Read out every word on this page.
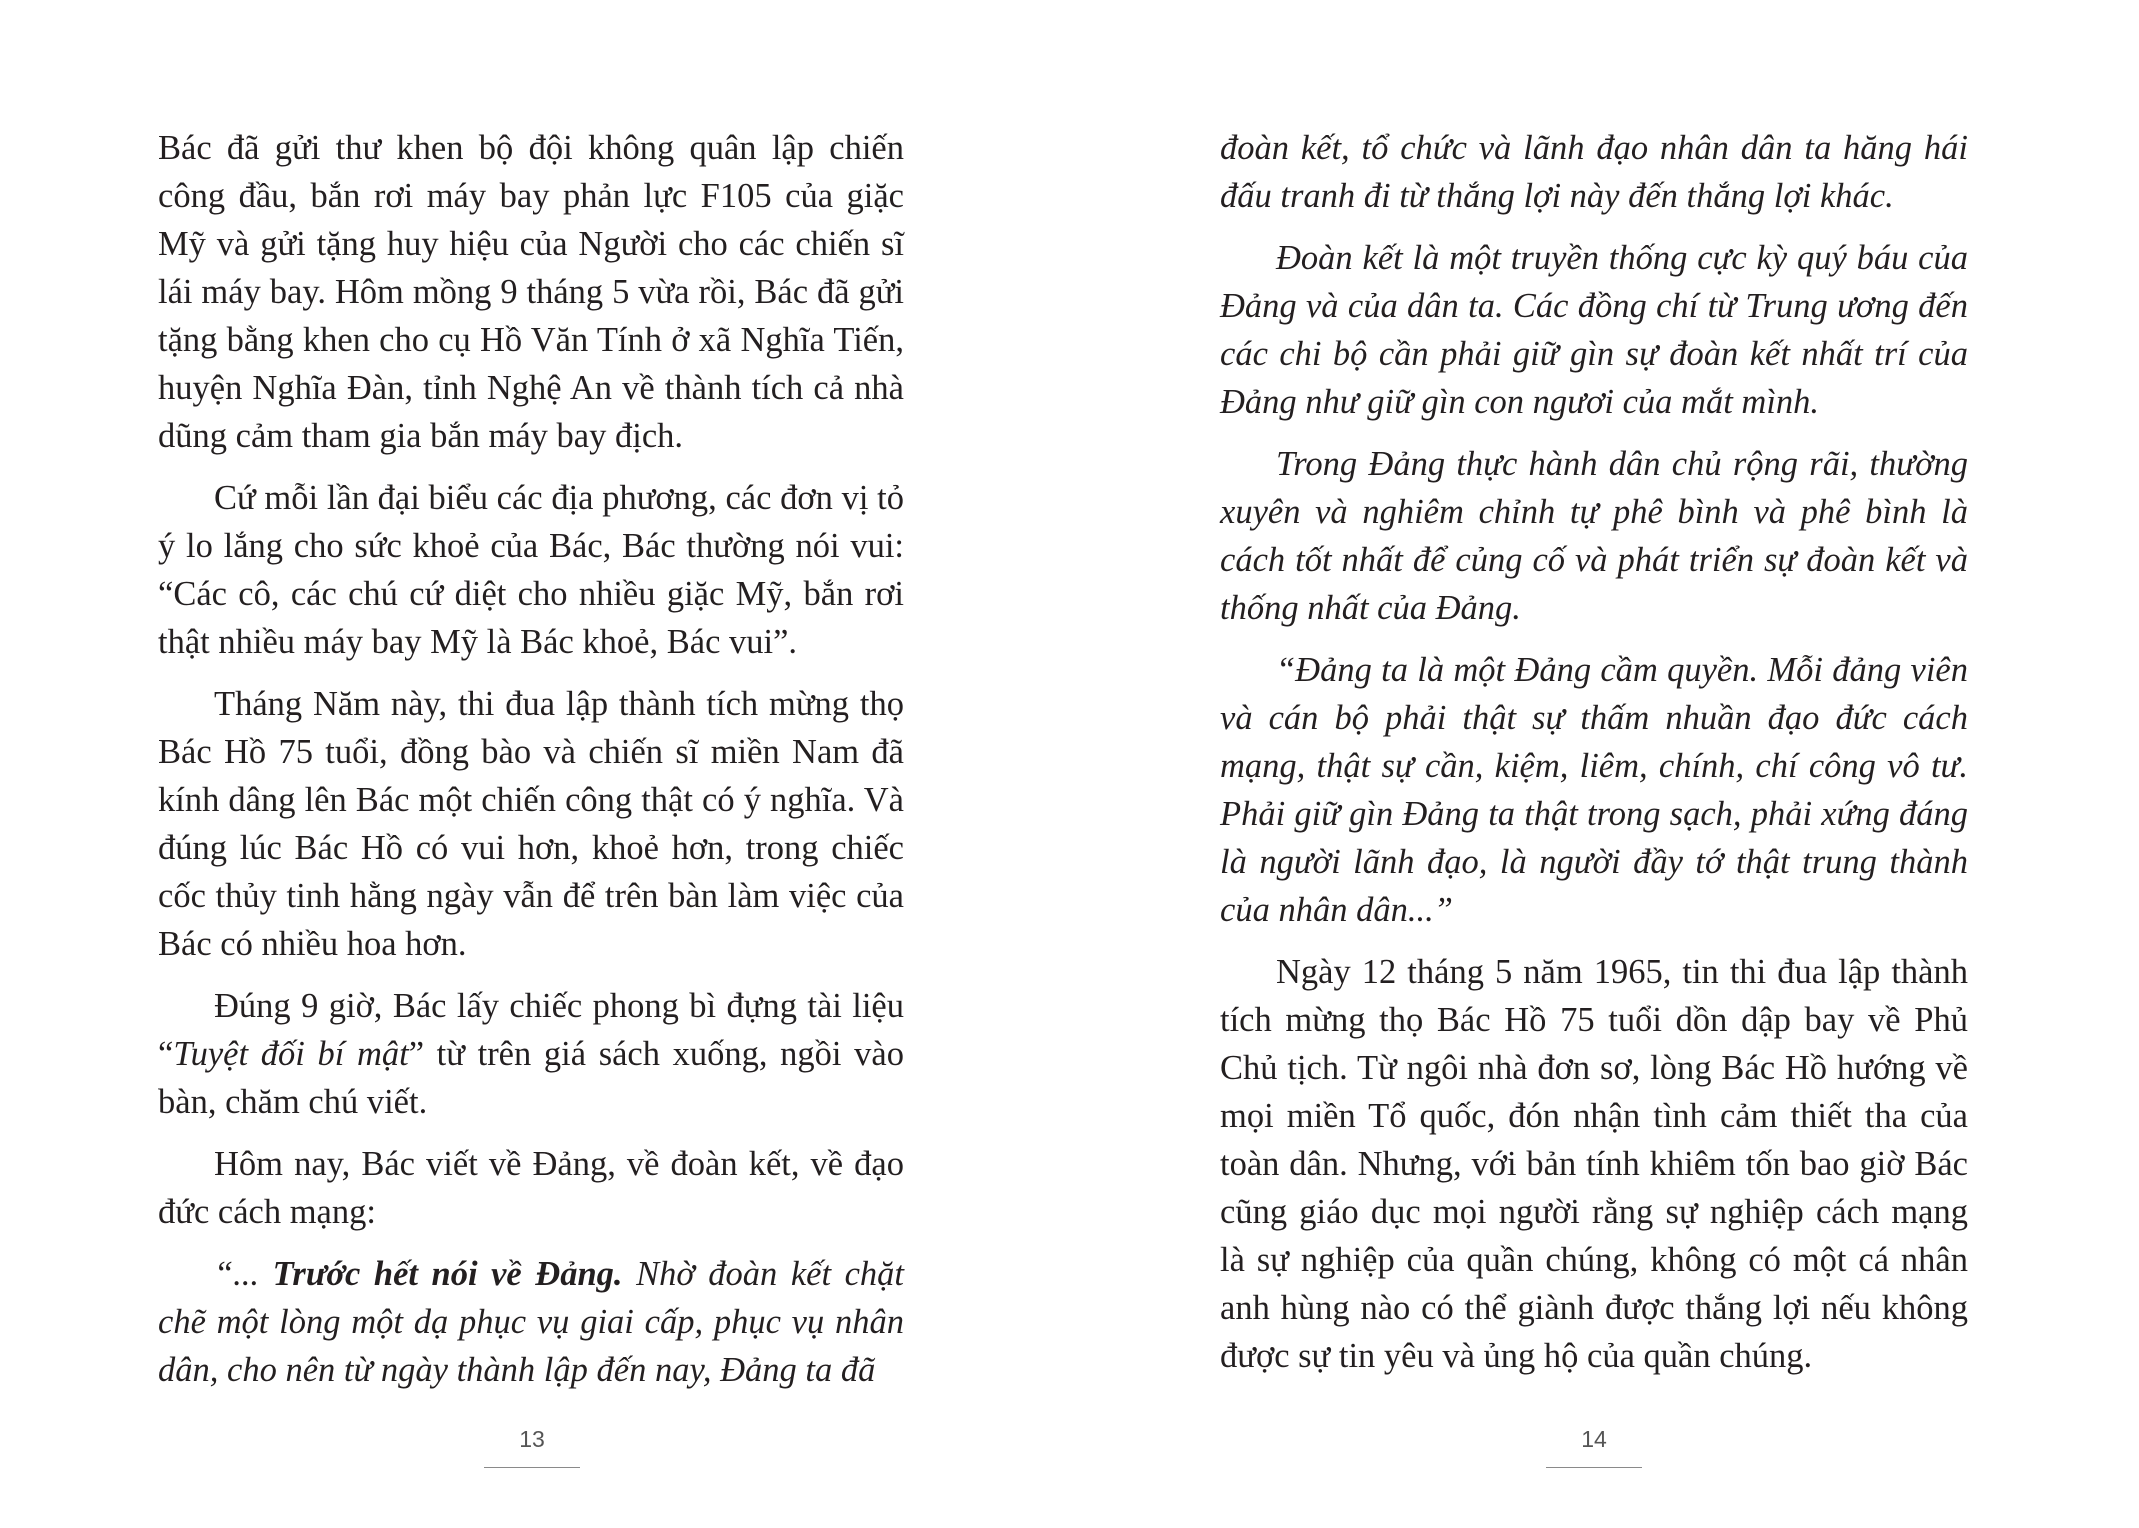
Bác đã gửi thư khen bộ đội không quân lập chiến công đầu, bắn rơi máy bay phản lực F105 của giặc Mỹ và gửi tặng huy hiệu của Người cho các chiến sĩ lái máy bay. Hôm mồng 9 tháng 5 vừa rồi, Bác đã gửi tặng bằng khen cho cụ Hồ Văn Tính ở xã Nghĩa Tiến, huyện Nghĩa Đàn, tỉnh Nghệ An về thành tích cả nhà dũng cảm tham gia bắn máy bay địch.

Cứ mỗi lần đại biểu các địa phương, các đơn vị tỏ ý lo lắng cho sức khoẻ của Bác, Bác thường nói vui: “Các cô, các chú cứ diệt cho nhiều giặc Mỹ, bắn rơi thật nhiều máy bay Mỹ là Bác khoẻ, Bác vui”.

Tháng Năm này, thi đua lập thành tích mừng thọ Bác Hồ 75 tuổi, đồng bào và chiến sĩ miền Nam đã kính dâng lên Bác một chiến công thật có ý nghĩa. Và đúng lúc Bác Hồ có vui hơn, khoẻ hơn, trong chiếc cốc thủy tinh hằng ngày vẫn để trên bàn làm việc của Bác có nhiều hoa hơn.

Đúng 9 giờ, Bác lấy chiếc phong bì đựng tài liệu “Tuyệt đối bí mật” từ trên giá sách xuống, ngồi vào bàn, chăm chú viết.

Hôm nay, Bác viết về Đảng, về đoàn kết, về đạo đức cách mạng:

“... Trước hết nói về Đảng. Nhờ đoàn kết chặt chẽ một lòng một dạ phục vụ giai cấp, phục vụ nhân dân, cho nên từ ngày thành lập đến nay, Đảng ta đã

đoàn kết, tổ chức và lãnh đạo nhân dân ta hăng hái đấu tranh đi từ thắng lợi này đến thắng lợi khác.

Đoàn kết là một truyền thống cực kỳ quý báu của Đảng và của dân ta. Các đồng chí từ Trung ương đến các chi bộ cần phải giữ gìn sự đoàn kết nhất trí của Đảng như giữ gìn con ngươi của mắt mình.

Trong Đảng thực hành dân chủ rộng rãi, thường xuyên và nghiêm chỉnh tự phê bình và phê bình là cách tốt nhất để củng cố và phát triển sự đoàn kết và thống nhất của Đảng.

“Đảng ta là một Đảng cầm quyền. Mỗi đảng viên và cán bộ phải thật sự thấm nhuần đạo đức cách mạng, thật sự cần, kiệm, liêm, chính, chí công vô tư. Phải giữ gìn Đảng ta thật trong sạch, phải xứng đáng là người lãnh đạo, là người đầy tớ thật trung thành của nhân dân...”

Ngày 12 tháng 5 năm 1965, tin thi đua lập thành tích mừng thọ Bác Hồ 75 tuổi dồn dập bay về Phủ Chủ tịch. Từ ngôi nhà đơn sơ, lòng Bác Hồ hướng về mọi miền Tổ quốc, đón nhận tình cảm thiết tha của toàn dân. Nhưng, với bản tính khiêm tốn bao giờ Bác cũng giáo dục mọi người rằng sự nghiệp cách mạng là sự nghiệp của quần chúng, không có một cá nhân anh hùng nào có thể giành được thắng lợi nếu không được sự tin yêu và ủng hộ của quần chúng.

13	14
